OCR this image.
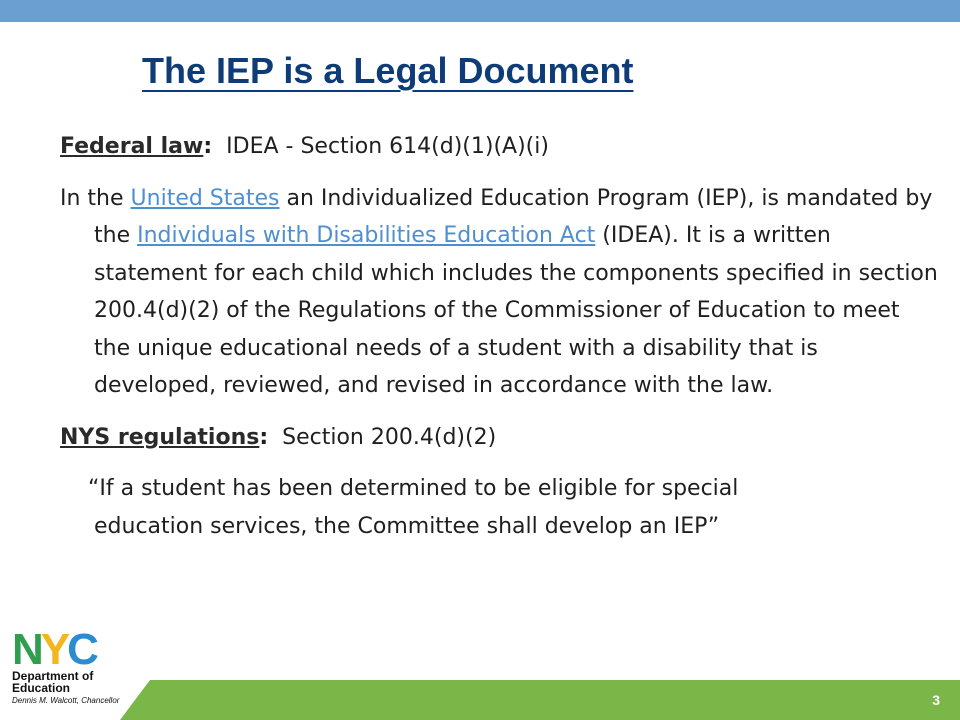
The IEP is a Legal Document

Federal law:  IDEA - Section 614(d)(1)(A)(i)

In the United States an Individualized Education Program (IEP), is mandated by the Individuals with Disabilities Education Act (IDEA). It is a written statement for each child which includes the components specified in section 200.4(d)(2) of the Regulations of the Commissioner of Education to meet the unique educational needs of a student with a disability that is developed, reviewed, and revised in accordance with the law.

NYS regulations:  Section 200.4(d)(2)

“If a student has been determined to be eligible for special
education services, the Committee shall develop an IEP”

3
N Y C
Department of
Education
Dennis M. Walcott, Chancellor
